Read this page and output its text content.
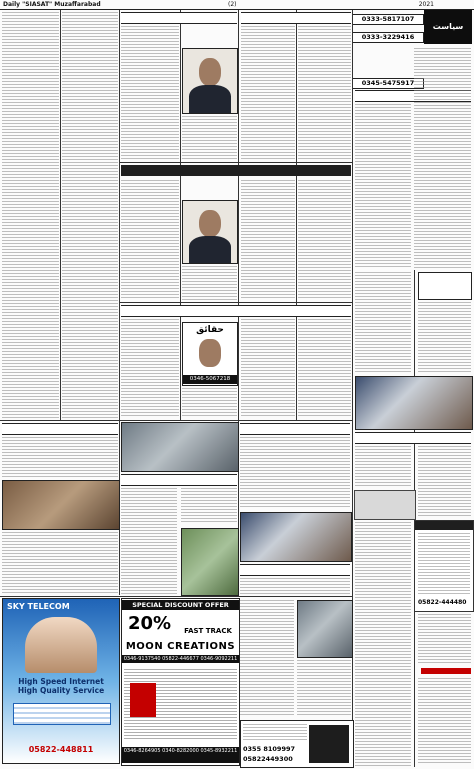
Daily "SIASAT" Muzaffarabad	(2)	2021
سیاست
0333-5817107
0333-3229416
0345-5475917
حقائق
0346-5067218
05822-444480
SKY TELECOM
High Speed Internet
High Quality Service
05822-448811
SPECIAL DISCOUNT OFFER
20%	FAST TRACK
MOON CREATIONS
0346-9137540 05822-446677 0346-9092211
0346-8264905 0340-8282000 0345-8932211 0355 8109997
05822449300
